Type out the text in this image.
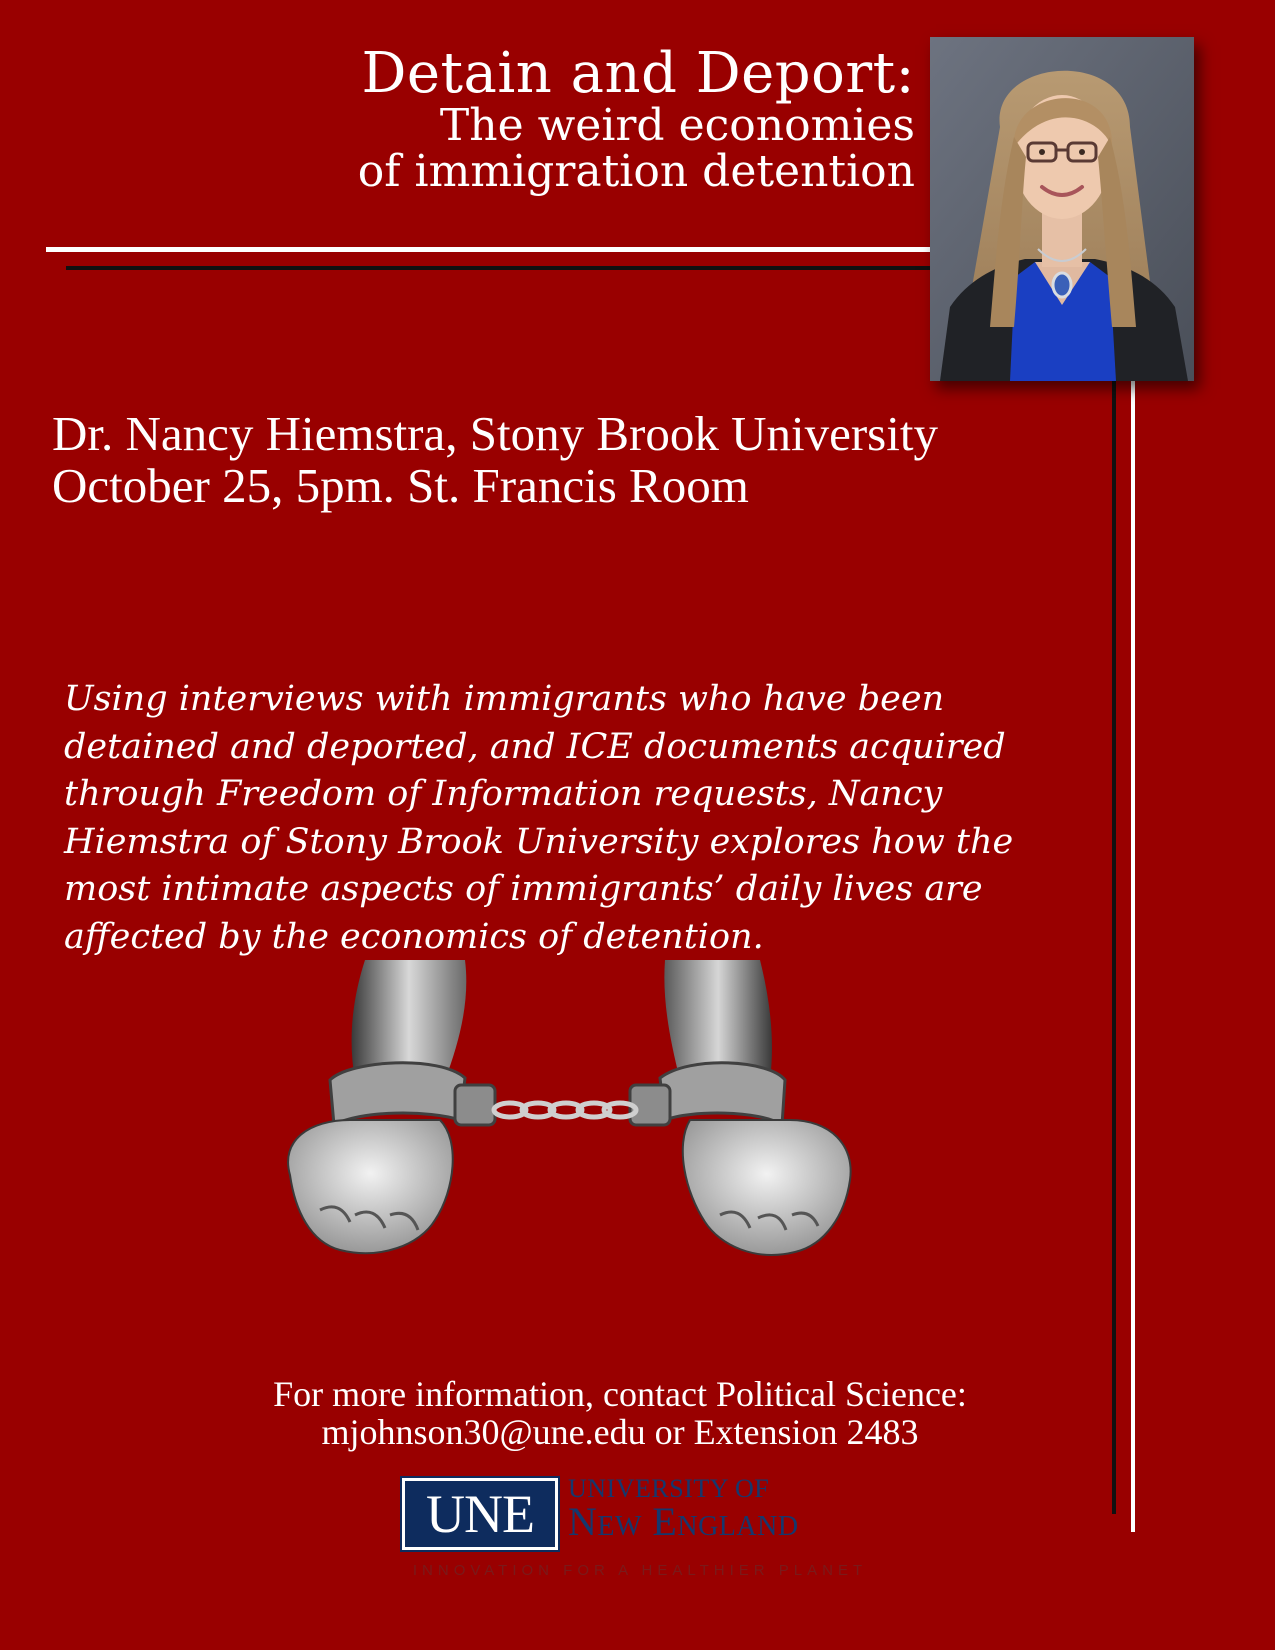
Detain and Deport:
The weird economies
of immigration detention
Dr. Nancy Hiemstra, Stony Brook University
October 25, 5pm. St. Francis Room
Using interviews with immigrants who have been
detained and deported, and ICE documents acquired
through Freedom of Information requests, Nancy
Hiemstra of Stony Brook University explores how the
most intimate aspects of immigrants’ daily lives are
affected by the economics of detention.
For more information, contact Political Science:
mjohnson30@une.edu or Extension 2483
UNE	UNIVERSITY OF
New England
INNOVATION FOR A HEALTHIER PLANET
